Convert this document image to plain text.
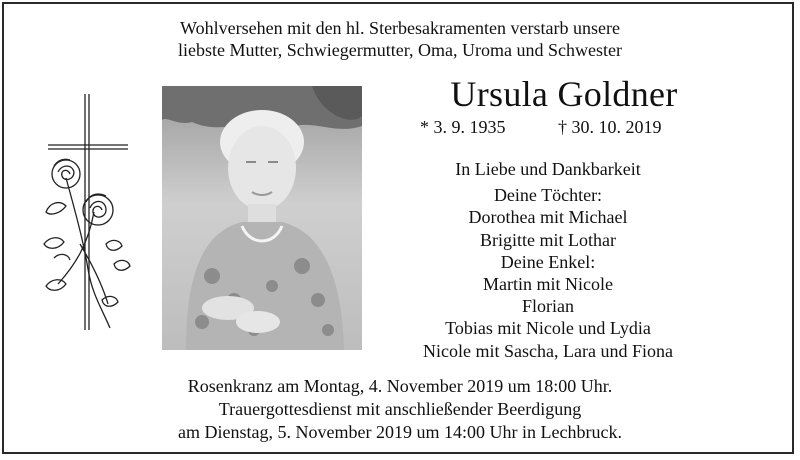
Wohlversehen mit den hl. Sterbesakramenten verstarb unsere
liebste Mutter, Schwiegermutter, Oma, Uroma und Schwester
Ursula Goldner
* 3. 9. 1935	† 30. 10. 2019
In Liebe und Dankbarkeit
Deine Töchter:
Dorothea mit Michael
Brigitte mit Lothar
Deine Enkel:
Martin mit Nicole
Florian
Tobias mit Nicole und Lydia
Nicole mit Sascha, Lara und Fiona
Rosenkranz am Montag, 4. November 2019 um 18:00 Uhr.
Trauergottesdienst mit anschließender Beerdigung
am Dienstag, 5. November 2019 um 14:00 Uhr in Lechbruck.
